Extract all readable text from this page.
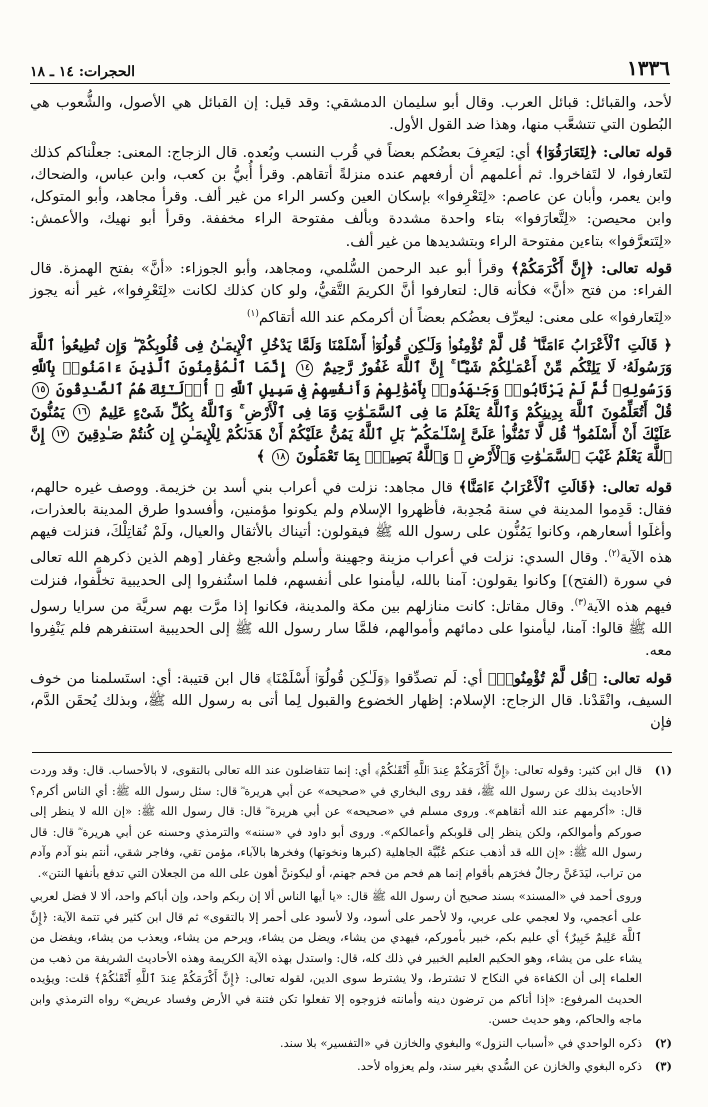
١٣٣٦
الحجرات: ١٤ ـ ١٨

لأحد، والقبائل: قبائل العرب. وقال أبو سليمان الدمشقي: وقد قيل: إن القبائل هي الأصول، والشُّعوب هي البُطون التي تتشعَّب منها، وهذا ضد القول الأول.

قوله تعالى: ﴿لِتَعَارَفُوٓا﴾ أي: ليَعرِفَ بعضُكم بعضاً في قُرب النسب وبُعده. قال الزجاج: المعنى: جعلْناكم كذلك لتَعارفوا، لا لتَفاخروا. ثم أعلمهم أن أرفعهم عنده منزلةً أتقاهم. وقرأ أُبيُّ بن كعب، وابن عباس، والضحاك، وابن يعمر، وأبان عن عاصم: «لِتَعْرِفوا» بإسكان العين وكسر الراء من غير ألف. وقرأ مجاهد، وأبو المتوكل، وابن محيصن: «لِتَّعارَفوا» بتاء واحدة مشددة وبألف مفتوحة الراء مخففة. وقرأ أبو نهيك، والأعمش: «لِتَتعرَّفوا» بتاءين مفتوحة الراء وبتشديدها من غير ألف.

قوله تعالى: ﴿إِنَّ أَكْرَمَكُمْ﴾ وقرأ أبو عبد الرحمن السُّلمي، ومجاهد، وأبو الجوزاء: «أنَّ» بفتح الهمزة. قال الفراء: من فتح «أنَّ» فكأنه قال: لتعارفوا أنَّ الكريمَ التَّقيُّ، ولو كان كذلك لكانت «لِتَعْرِفوا»، غير أنه يجوز «لِتَعارفوا» على معنى: ليعرِّف بعضُكم بعضاً أن أكرمكم عند الله أتقاكم$^{(١)}$

﴿ قَالَتِ ٱلْأَعْرَابُ ءَامَنَّا ۖ قُل لَّمْ تُؤْمِنُوا۟ وَلَـٰكِن قُولُوٓا۟ أَسْلَمْنَا وَلَمَّا يَدْخُلِ ٱلْإِيمَـٰنُ فِى قُلُوبِكُمْ ۖ وَإِن تُطِيعُوا۟ ٱللَّهَ وَرَسُولَهُۥ لَا يَلِتْكُم مِّنْ أَعْمَـٰلِكُمْ شَيْـًٔا ۚ إِنَّ ٱللَّهَ غَفُورٌ رَّحِيمٌ ١٤ إِنَّمَا ٱلْمُؤْمِنُونَ ٱلَّذِينَ ءَامَنُوا۟ بِٱللَّهِ وَرَسُولِهِۦ ثُمَّ لَمْ يَرْتَابُوا۟ وَجَـٰهَدُوا۟ بِأَمْوَٰلِهِمْ وَأَنفُسِهِمْ فِى سَبِيلِ ٱللَّهِ ۚ أُو۟لَـٰٓئِكَ هُمُ ٱلصَّـٰدِقُونَ ١٥ قُلْ أَتُعَلِّمُونَ ٱللَّهَ بِدِينِكُمْ وَٱللَّهُ يَعْلَمُ مَا فِى ٱلسَّمَـٰوَٰتِ وَمَا فِى ٱلْأَرْضِ ۚ وَٱللَّهُ بِكُلِّ شَىْءٍ عَلِيمٌ ١٦ يَمُنُّونَ عَلَيْكَ أَنْ أَسْلَمُوا۟ ۖ قُل لَّا تَمُنُّوا۟ عَلَىَّ إِسْلَـٰمَكُم ۖ بَلِ ٱللَّهُ يَمُنُّ عَلَيْكُمْ أَنْ هَدَىٰكُمْ لِلْإِيمَـٰنِ إِن كُنتُمْ صَـٰدِقِينَ ١٧ إِنَّ ٱللَّهَ يَعْلَمُ غَيْبَ ٱلسَّمَـٰوَٰتِ وَٱلْأَرْضِ ۚ وَٱللَّهُ بَصِيرٌۢ بِمَا تَعْمَلُونَ ١٨ ﴾

قوله تعالى: ﴿قَالَتِ ٱلْأَعْرَابُ ءَامَنَّا﴾ قال مجاهد: نزلت في أعراب بني أسد بن خزيمة. ووصف غيره حالهم، فقال: قَدِموا المدينة في سنة مُجدِبة، فأظهروا الإسلام ولم يكونوا مؤمنين، وأفسدوا طرق المدينة بالعذرات، وأغلَوا أسعارهم، وكانوا يَمُنُّون على رسول الله ﷺ فيقولون: أتيناك بالأثقال والعيال، ولَمْ نُقاتِلْكَ، فنزلت فيهم هذه الآية$^{(٢)}$. وقال السدي: نزلت في أعراب مزينة وجهينة وأسلم وأشجع وغفار [وهم الذين ذكرهم الله تعالى في سورة (الفتح)] وكانوا يقولون: آمنا بالله، ليأمنوا على أنفسهم، فلما استُنفروا إلى الحديبية تخلَّفوا، فنزلت فيهم هذه الآية$^{(٣)}$. وقال مقاتل: كانت منازلهم بين مكة والمدينة، فكانوا إذا مرَّت بهم سريَّة من سرايا رسول الله ﷺ قالوا: آمنا، ليأمنوا على دمائهم وأموالهم، فلمَّا سار رسول الله ﷺ إلى الحديبية استنفرهم فلم يَنْفِروا معه.

قوله تعالى: ﴿قُل لَّمْ تُؤْمِنُوا۟﴾ أي: لَم تصدِّقوا ﴿وَلَـٰكِن قُولُوٓا۟ أَسْلَمْنَا﴾ قال ابن قتيبة: أي: استَسلمنا من خوف السيف، وانْقَدْنا. قال الزجاج: الإسلام: إظهار الخضوع والقبول لِما أتى به رسول الله ﷺ، وبذلك يُحقَن الدَّم، فإن

(١)
قال ابن كثير: وقوله تعالى: ﴿إِنَّ أَكْرَمَكُمْ عِندَ ٱللَّهِ أَتْقَىٰكُمْ﴾ أي: إنما تتفاضلون عند الله تعالى بالتقوى، لا بالأحساب. قال: وقد وردت الأحاديث بذلك عن رسول الله ﷺ، فقد روى البخاري في «صحيحه» عن أبي هريرة ؓ قال: سئل رسول الله ﷺ: أي الناس أكرم؟ قال: «أكرمهم عند الله أتقاهم». وروى مسلم في «صحيحه» عن أبي هريرة ؓ قال: قال رسول الله ﷺ: «إن الله لا ينظر إلى صوركم وأموالكم، ولكن ينظر إلى قلوبكم وأعمالكم». وروى أبو داود في «سننه» والترمذي وحسنه عن أبي هريرة ؓ قال: قال رسول الله ﷺ: «إن الله قد أذهب عنكم عُبِّيَّة الجاهلية (كبرها ونخوتها) وفخرها بالآباء، مؤمن تقي، وفاجر شقي، أنتم بنو آدم وآدم من تراب، ليَدَعَنَّ رجالٌ فخرَهم بأقوام إنما هم فحم من فحم جهنم، أو ليكوننَّ أهون على الله من الجعلان التي تدفع بأنفها النتن».
وروى أحمد في «المسند» بسند صحيح أن رسول الله ﷺ قال: «يا أيها الناس ألا إن ربكم واحد، وإن أباكم واحد، ألا لا فضل لعربي على أعجمي، ولا لعجمي على عربي، ولا لأحمر على أسود، ولا لأسود على أحمر إلا بالتقوى» ثم قال ابن كثير في تتمة الآية: ﴿إِنَّ ٱللَّهَ عَلِيمٌ خَبِيرٌ﴾ أي عليم بكم، خبير بأموركم، فيهدي من يشاء، ويضل من يشاء، ويرحم من يشاء، ويعذب من يشاء، ويفضل من يشاء على من يشاء، وهو الحكيم العليم الخبير في ذلك كله، قال: واستدل بهذه الآية الكريمة وهذه الأحاديث الشريفة من ذهب من العلماء إلى أن الكفاءة في النكاح لا تشترط، ولا يشترط سوى الدين، لقوله تعالى: ﴿إِنَّ أَكْرَمَكُمْ عِندَ ٱللَّهِ أَتْقَىٰكُمْ﴾ قلت: ويؤيده الحديث المرفوع: «إذا أتاكم من ترضون دينه وأمانته فزوجوه إلا تفعلوا تكن فتنة في الأرض وفساد عريض» رواه الترمذي وابن ماجه والحاكم، وهو حديث حسن.
(٢)
ذكره الواحدي في «أسباب النزول» والبغوي والخازن في «التفسير» بلا سند.
(٣)
ذكره البغوي والخازن عن السُّدي بغير سند، ولم يعزواه لأحد.
